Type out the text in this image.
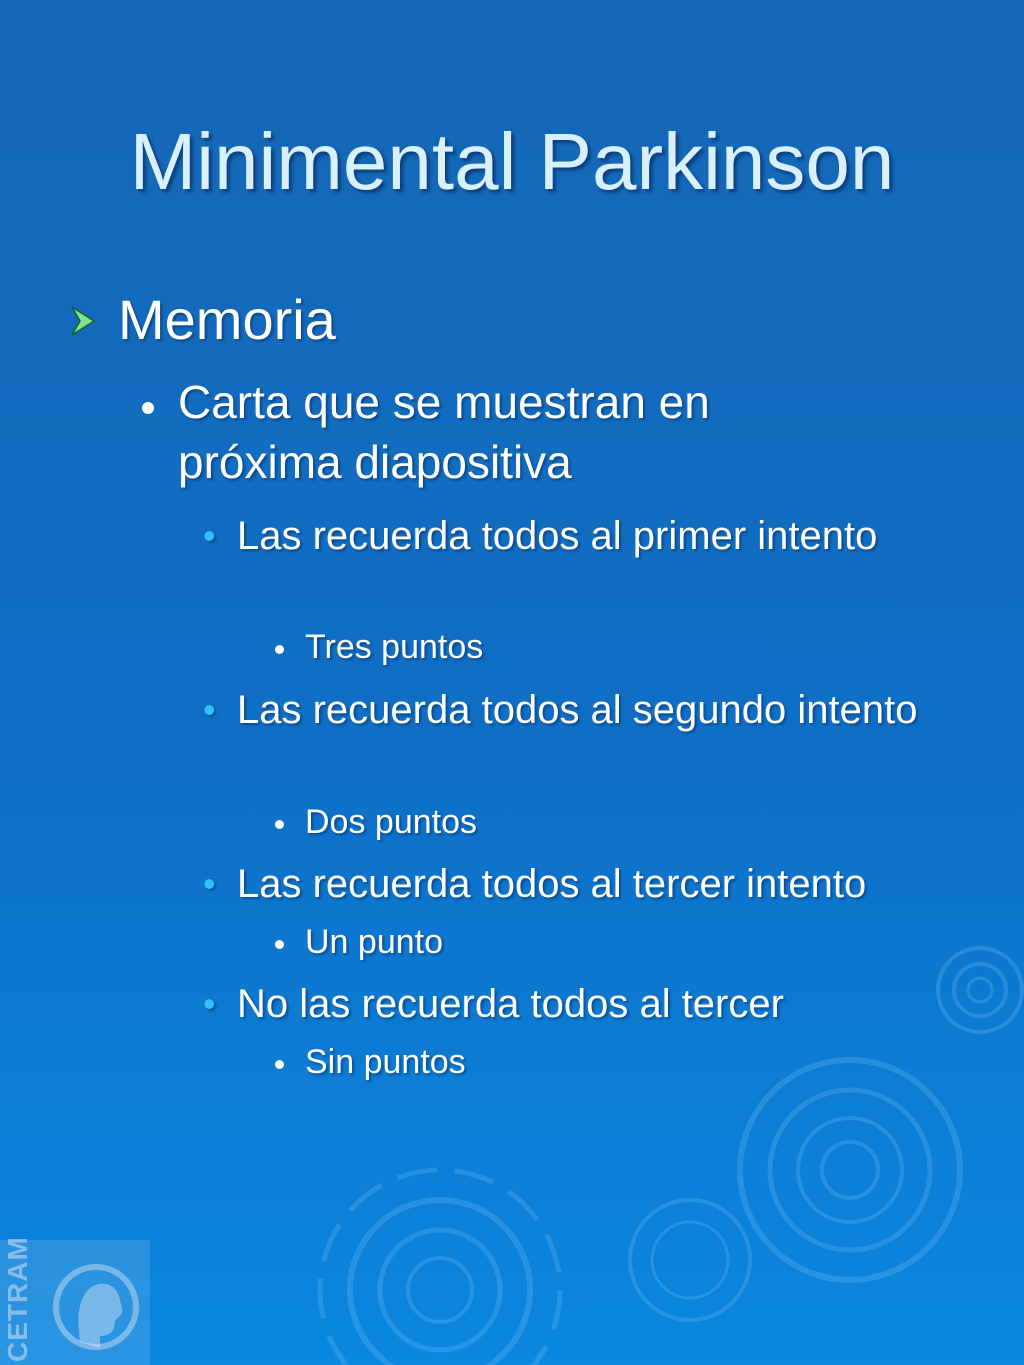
Minimental Parkinson
Memoria
Carta que se muestran en próxima diapositiva
• Las recuerda todos al primer intento
Tres puntos
• Las recuerda todos al segundo intento
Dos puntos
• Las recuerda todos al tercer intento
Un punto
• No las recuerda todos al tercer
Sin puntos
CETRAM
